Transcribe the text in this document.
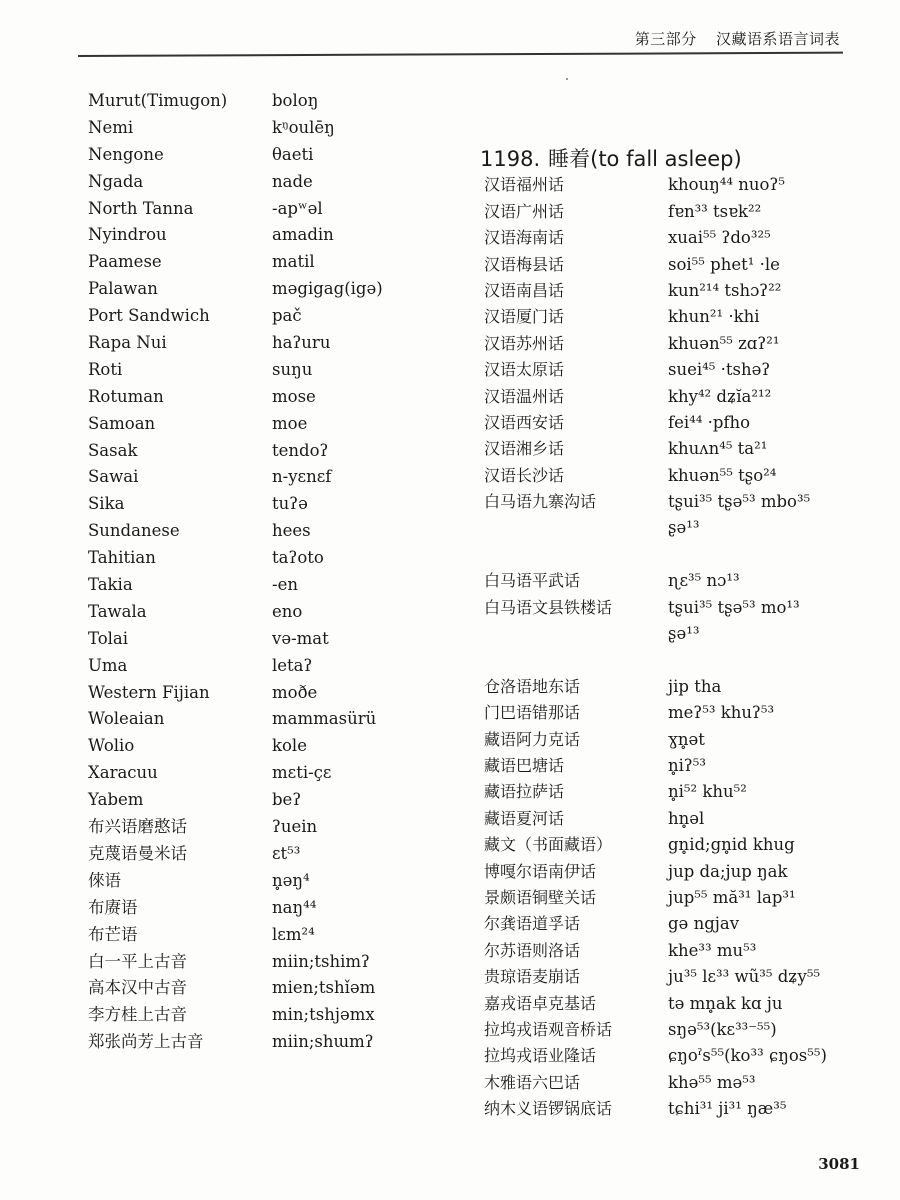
第三部分 汉藏语系语言词表
Murut(Timugon)	boloŋ
Nemi	kᵑoulēŋ
Nengone	θaeti
Ngada	nade
North Tanna	-apʷəl
Nyindrou	amadin
Paamese	matil
Palawan	məgigag(igə)
Port Sandwich	pač
Rapa Nui	haʔuru
Roti	suŋu
Rotuman	mose
Samoan	moe
Sasak	tendoʔ
Sawai	n-yɛnɛf
Sika	tuʔə
Sundanese	hees
Tahitian	taʔoto
Takia	-en
Tawala	eno
Tolai	və-mat
Uma	letaʔ
Western Fijian	moðe
Woleaian	mammasürü
Wolio	kole
Xaracuu	mɛti-çɛ
Yabem	beʔ
布兴语磨憨话	ʔuein
克蔑语曼米话	ɛt⁵³
倈语	n̥əŋ⁴
布赓语	naŋ⁴⁴
布芒语	lɛm²⁴
白一平上古音	miin;tshimʔ
高本汉中古音	mien;tshǐəm
李方桂上古音	min;tshjəmx
郑张尚芳上古音	miin;shɯmʔ
1198. 睡着(to fall asleep)
汉语福州话	khouŋ⁴⁴ nuoʔ⁵
汉语广州话	fɐn³³ tsɐk²²
汉语海南话	xuai⁵⁵ ʔdo³²⁵
汉语梅县话	soi⁵⁵ phet¹ ·le
汉语南昌话	kun²¹⁴ tshɔʔ²²
汉语厦门话	khun²¹ ·khi
汉语苏州话	khuən⁵⁵ zɑʔ²¹
汉语太原话	suei⁴⁵ ·tshəʔ
汉语温州话	khy⁴² dʑĭa²¹²
汉语西安话	fei⁴⁴ ·pfho
汉语湘乡话	khuʌn⁴⁵ ta²¹
汉语长沙话	khuən⁵⁵ tʂo²⁴
白马语九寨沟话	tʂui³⁵ tʂə⁵³ mbo³⁵
ʂə¹³
白马语平武话	ɳɛ³⁵ nɔ¹³
白马语文县铁楼话	tʂui³⁵ tʂə⁵³ mo¹³
ʂə¹³
仓洛语地东话	jip tha
门巴语错那话	meʔ⁵³ khuʔ⁵³
藏语阿力克话	ɣn̥ət
藏语巴塘话	n̥iʔ⁵³
藏语拉萨话	n̥i⁵² khu⁵²
藏语夏河话	hn̥əl
藏文（书面藏语）	gn̥id;gn̥id khug
博嘎尔语南伊话	jup da;jup ŋak
景颇语铜壁关话	jup⁵⁵ mă³¹ lap³¹
尔龚语道孚话	gə ngjav
尔苏语则洛话	khe³³ mu⁵³
贵琼语麦崩话	ju³⁵ lɛ³³ wũ³⁵ dʑy⁵⁵
嘉戎语卓克基话	tə mn̥ak kɑ ju
拉坞戎语观音桥话	sŋə⁵³(kɛ³³⁻⁵⁵)
拉坞戎语业隆话	ɕŋoˀs⁵⁵(ko³³ ɕŋos⁵⁵)
木雅语六巴话	khə⁵⁵ mə⁵³
纳木义语锣锅底话	tɕhi³¹ ji³¹ ŋæ³⁵
3081
